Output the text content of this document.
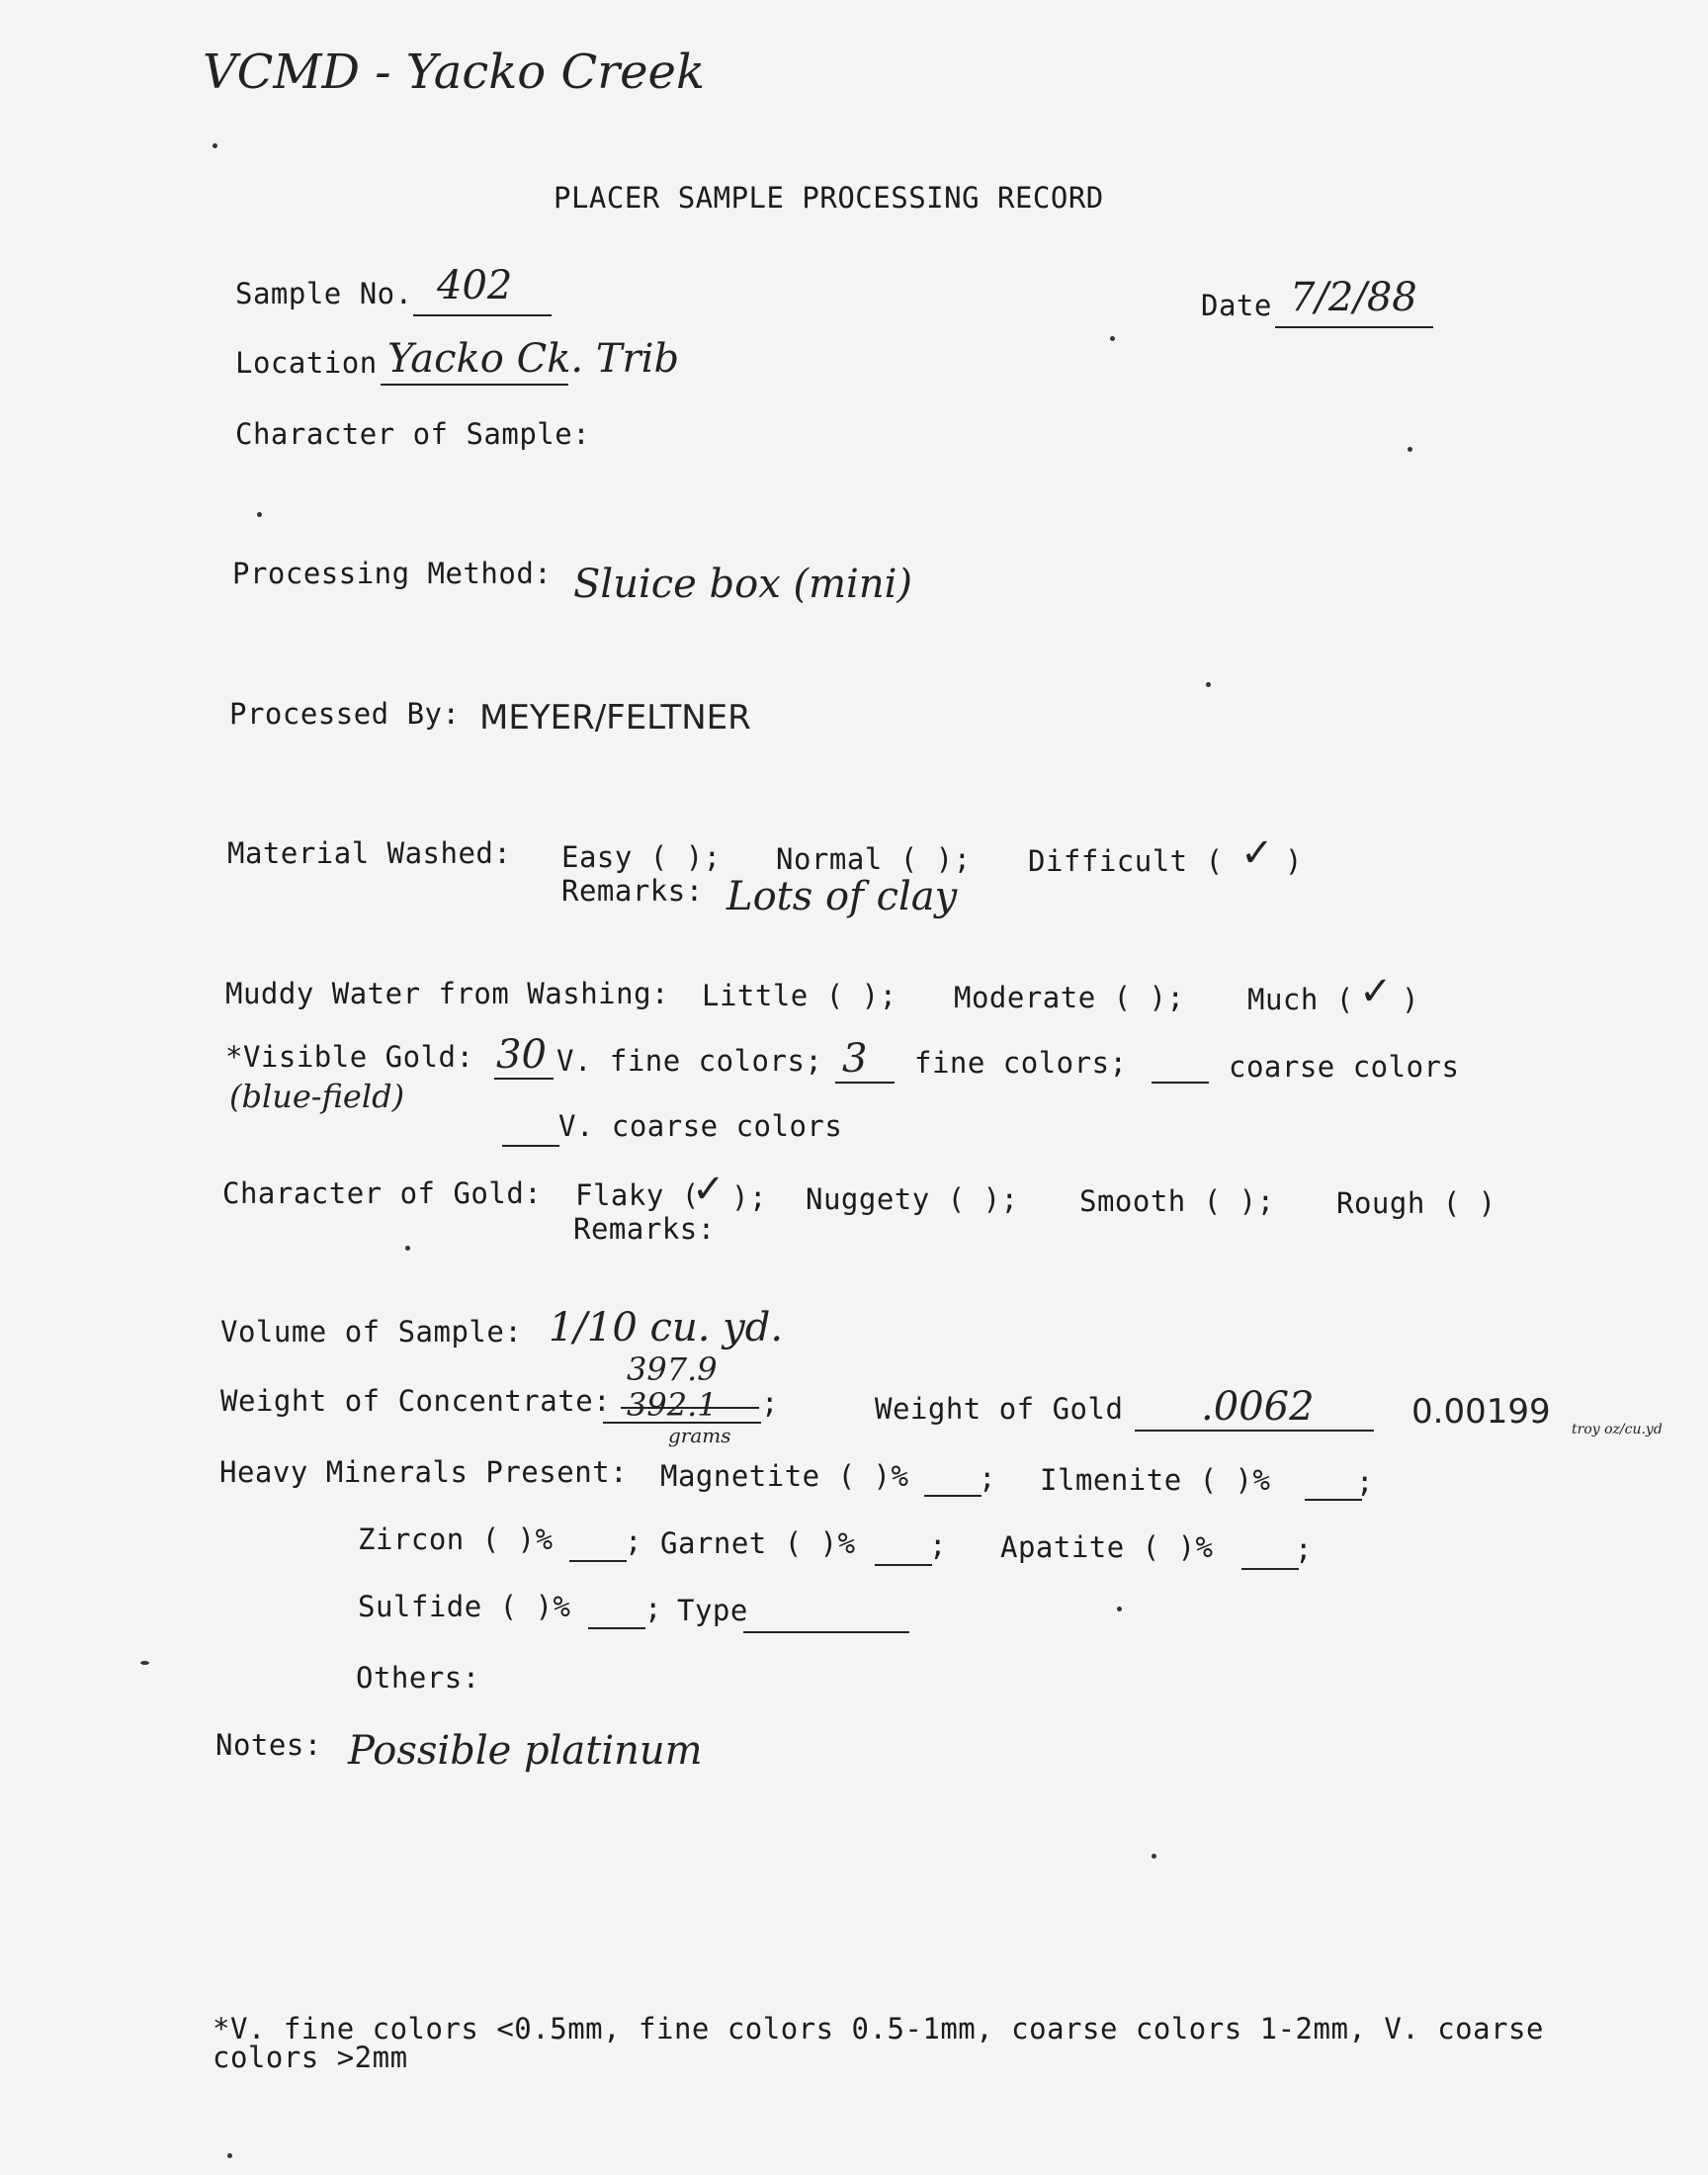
VCMD - Yacko Creek
PLACER SAMPLE PROCESSING RECORD
Sample No. 402	Date 7/2/88
Location Yacko Ck. Trib
Character of Sample:
Processing Method: Sluice box (mini)
Processed By: MEYER/FELTNER
Material Washed: Easy ( ); Normal ( ); Difficult ( ✓ )
Remarks: Lots of clay
Muddy Water from Washing: Little ( ); Moderate ( ); Much ( ✓ )
*Visible Gold: 30 V. fine colors; 3 fine colors;	coarse colors
(blue-field)
V. coarse colors
Character of Gold: Flaky (
✓ ); Nuggety ( ); Smooth ( ); Rough ( )
Remarks:
Volume of Sample: 1/10 cu. yd.
Weight of Concentrate:
397.9
392.1
grams
;	Weight of Gold .0062	0.00199 troy oz/cu.yd
Heavy Minerals Present: Magnetite ( )% ; Ilmenite ( )%	;
Zircon ( )% ; Garnet ( )%	; Apatite ( )%	;
Sulfide ( )%	; Type
Others:
Notes: Possible platinum
*V. fine colors <0.5mm, fine colors 0.5-1mm, coarse colors 1-2mm, V. coarse
colors >2mm
